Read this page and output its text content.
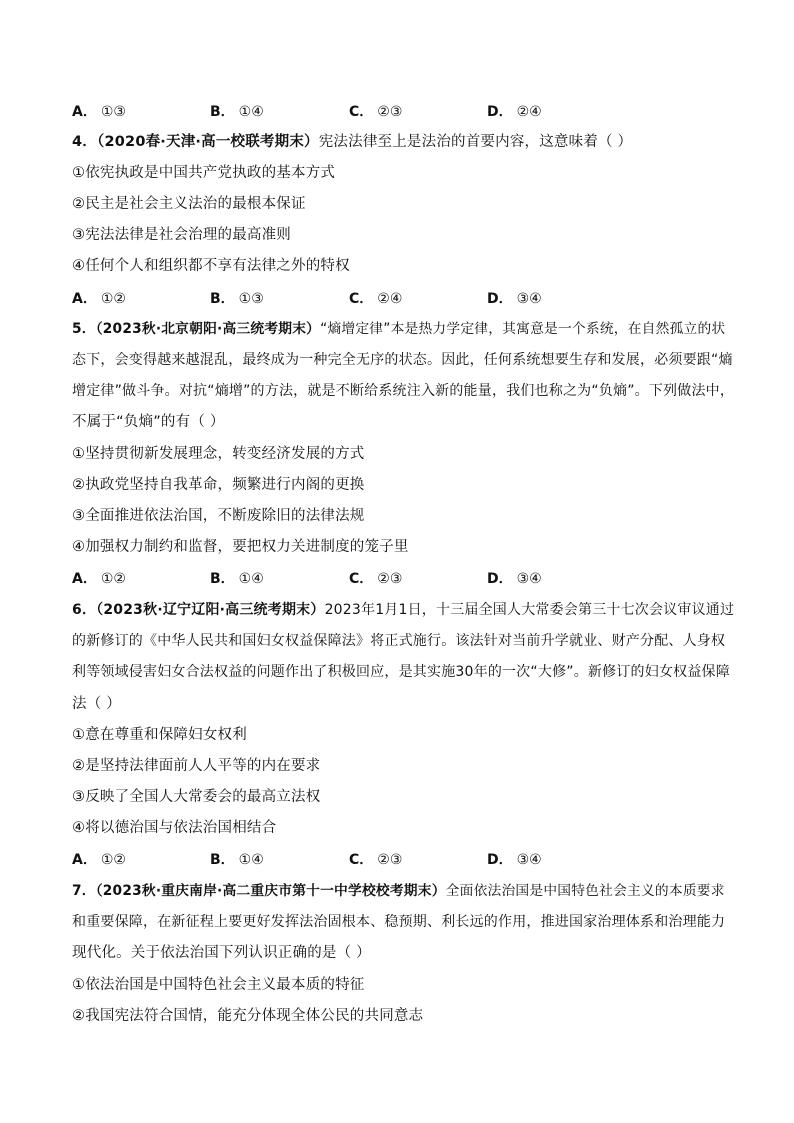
A． ①③	B． ①④	C． ②③	D． ②④
4．（2020春·天津·高一校联考期末）宪法法律至上是法治的首要内容，这意味着（ ）
①依宪执政是中国共产党执政的基本方式
②民主是社会主义法治的最根本保证
③宪法法律是社会治理的最高准则
④任何个人和组织都不享有法律之外的特权
A． ①②	B． ①③	C． ②④	D． ③④
5．（2023秋·北京朝阳·高三统考期末）“熵增定律”本是热力学定律，其寓意是一个系统，在自然孤立的状
态下，会变得越来越混乱，最终成为一种完全无序的状态。因此，任何系统想要生存和发展，必须要跟“熵
增定律”做斗争。对抗“熵增”的方法，就是不断给系统注入新的能量，我们也称之为“负熵”。下列做法中，
不属于“负熵”的有（ ）
①坚持贯彻新发展理念，转变经济发展的方式
②执政党坚持自我革命，频繁进行内阁的更换
③全面推进依法治国，不断废除旧的法律法规
④加强权力制约和监督，要把权力关进制度的笼子里
A． ①②	B． ①④	C． ②③	D． ③④
6．（2023秋·辽宁辽阳·高三统考期末）2023年1月1日，十三届全国人大常委会第三十七次会议审议通过
的新修订的《中华人民共和国妇女权益保障法》将正式施行。该法针对当前升学就业、财产分配、人身权
利等领域侵害妇女合法权益的问题作出了积极回应，是其实施30年的一次“大修”。新修订的妇女权益保障
法（ ）
①意在尊重和保障妇女权利
②是坚持法律面前人人平等的内在要求
③反映了全国人大常委会的最高立法权
④将以德治国与依法治国相结合
A． ①②	B． ①④	C． ②③	D． ③④
7．（2023秋·重庆南岸·高二重庆市第十一中学校校考期末）全面依法治国是中国特色社会主义的本质要求
和重要保障，在新征程上要更好发挥法治固根本、稳预期、利长远的作用，推进国家治理体系和治理能力
现代化。关于依法治国下列认识正确的是（ ）
①依法治国是中国特色社会主义最本质的特征
②我国宪法符合国情，能充分体现全体公民的共同意志
